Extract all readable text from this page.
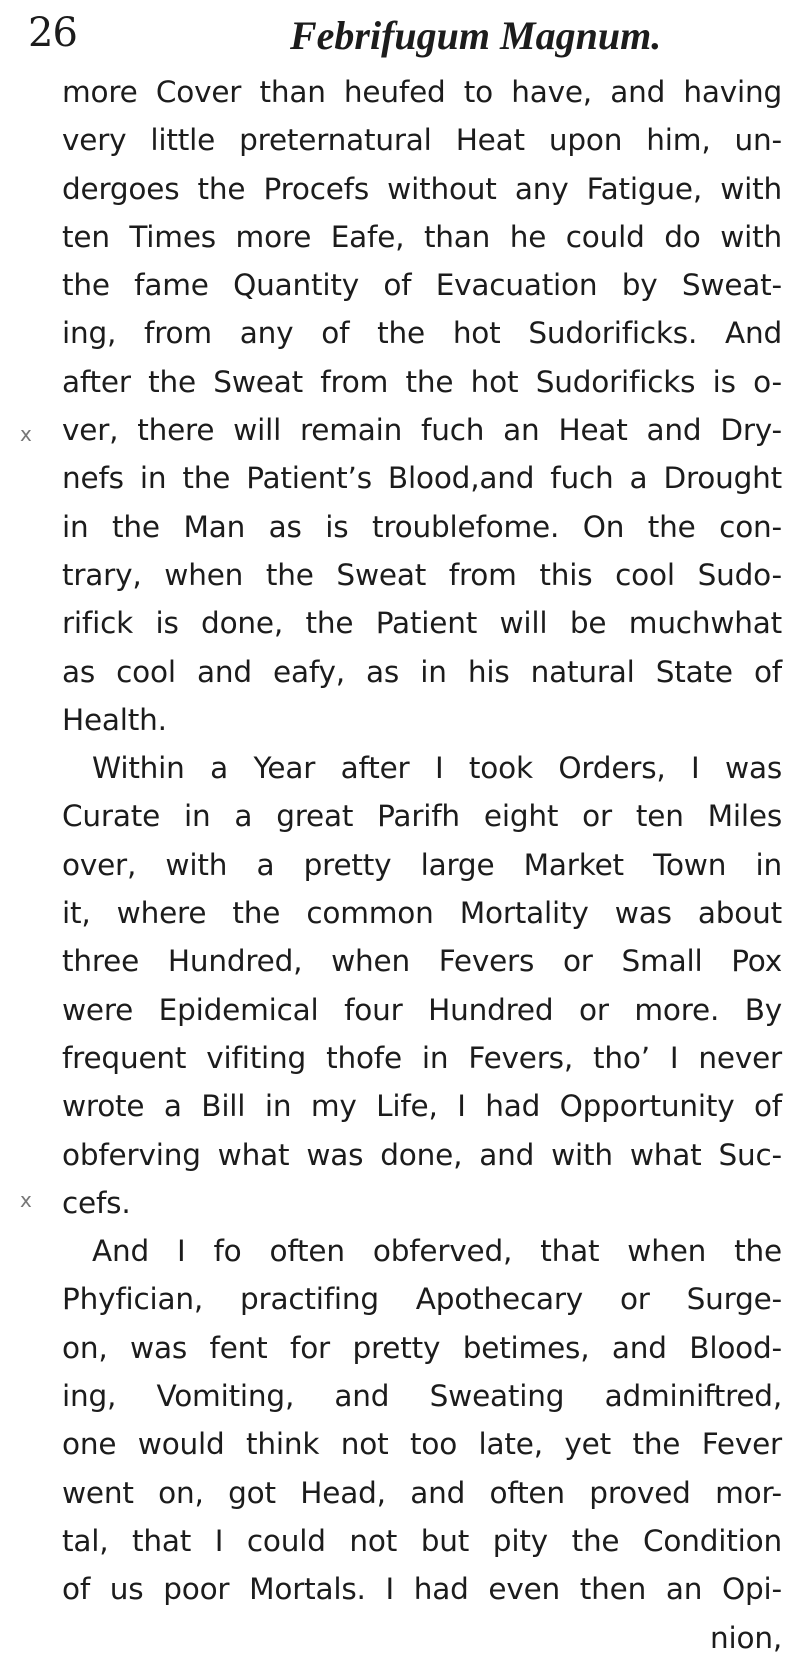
26	Febrifugum Magnum.
x
x
more Cover than heufed to have, and having
very little preternatural Heat upon him, un-
dergoes the Procefs without any Fatigue, with
ten Times more Eafe, than he could do with
the fame Quantity of Evacuation by Sweat-
ing, from any of the hot Sudorificks. And
after the Sweat from the hot Sudorificks is o-
ver, there will remain fuch an Heat and Dry-
nefs in the Patient’s Blood,and fuch a Drought
in the Man as is troublefome. On the con-
trary, when the Sweat from this cool Sudo-
rifick is done, the Patient will be muchwhat
as cool and eafy, as in his natural State of
Health.
Within a Year after I took Orders, I was
Curate in a great Parifh eight or ten Miles
over, with a pretty large Market Town in
it, where the common Mortality was about
three Hundred, when Fevers or Small Pox
were Epidemical four Hundred or more. By
frequent vifiting thofe in Fevers, tho’ I never
wrote a Bill in my Life, I had Opportunity of
obferving what was done, and with what Suc-
cefs.
And I fo often obferved, that when the
Phyfician, practifing Apothecary or Surge-
on, was fent for pretty betimes, and Blood-
ing, Vomiting, and Sweating adminiftred,
one would think not too late, yet the Fever
went on, got Head, and often proved mor-
tal, that I could not but pity the Condition
of us poor Mortals. I had even then an Opi-
nion,
